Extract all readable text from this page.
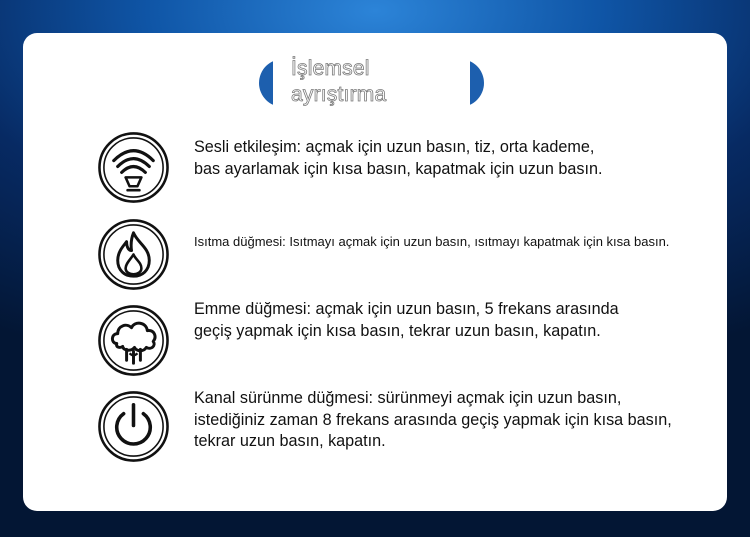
İşlemsel ayrıştırma
Sesli etkileşim: açmak için uzun basın, tiz, orta kademe, bas ayarlamak için kısa basın, kapatmak için uzun basın.
Isıtma düğmesi: Isıtmayı açmak için uzun basın, ısıtmayı kapatmak için kısa basın.
Emme düğmesi: açmak için uzun basın, 5 frekans arasında geçiş yapmak için kısa basın, tekrar uzun basın, kapatın.
Kanal sürünme düğmesi: sürünmeyi açmak için uzun basın, istediğiniz zaman 8 frekans arasında geçiş yapmak için kısa basın, tekrar uzun basın, kapatın.
